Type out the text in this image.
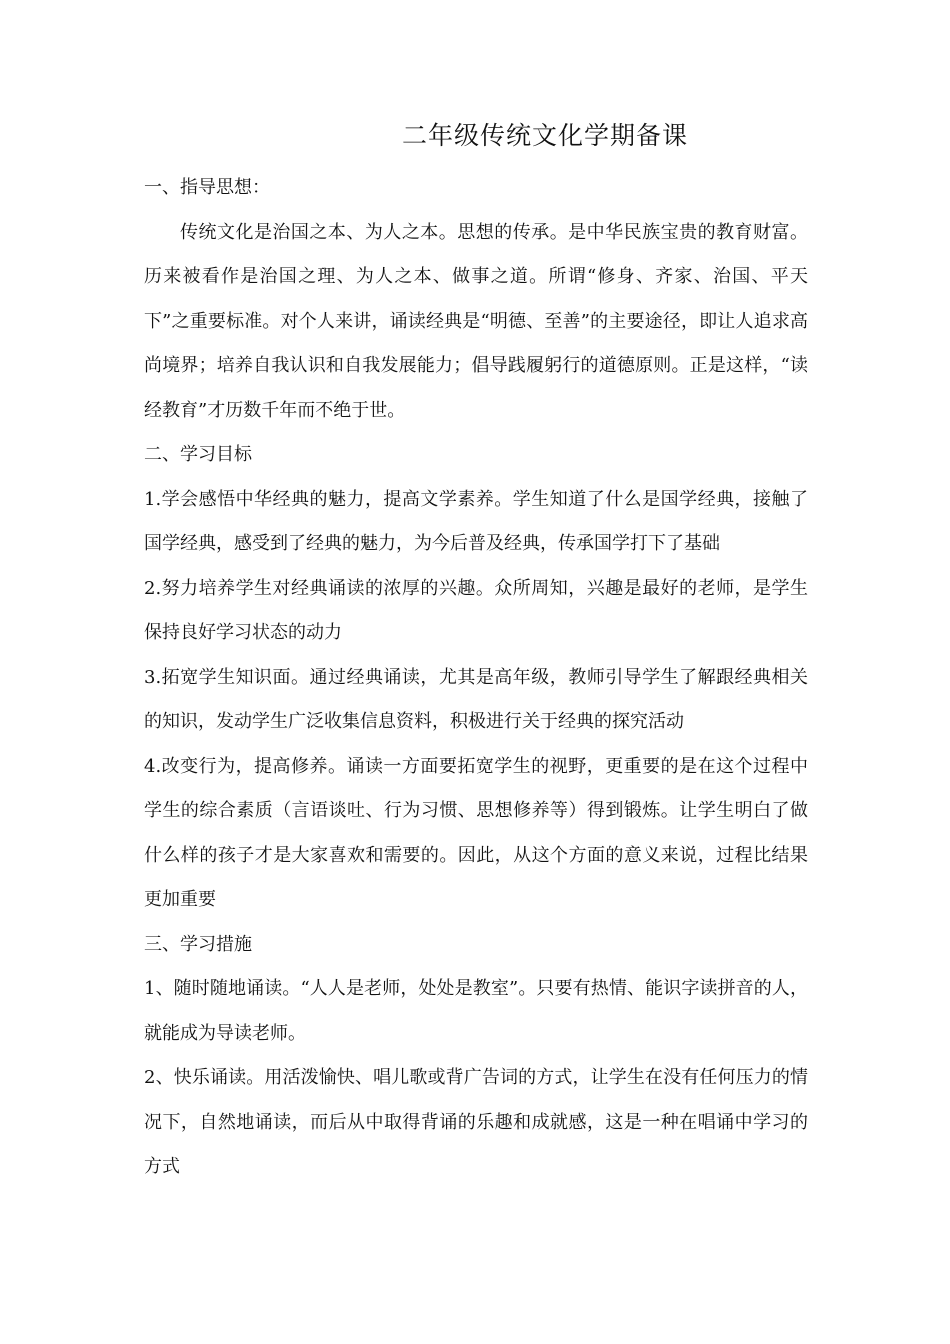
二年级传统文化学期备课

一、指导思想：

传统文化是治国之本、为人之本。思想的传承。是中华民族宝贵的教育财富。历来被看作是治国之理、为人之本、做事之道。所谓“修身、齐家、治国、平天下”之重要标准。对个人来讲，诵读经典是“明德、至善”的主要途径，即让人追求高尚境界；培养自我认识和自我发展能力；倡导践履躬行的道德原则。正是这样，“读经教育”才历数千年而不绝于世。

二、学习目标

1.学会感悟中华经典的魅力，提高文学素养。学生知道了什么是国学经典，接触了国学经典，感受到了经典的魅力，为今后普及经典，传承国学打下了基础

2.努力培养学生对经典诵读的浓厚的兴趣。众所周知，兴趣是最好的老师，是学生保持良好学习状态的动力

3.拓宽学生知识面。通过经典诵读，尤其是高年级，教师引导学生了解跟经典相关的知识，发动学生广泛收集信息资料，积极进行关于经典的探究活动

4.改变行为，提高修养。诵读一方面要拓宽学生的视野，更重要的是在这个过程中学生的综合素质（言语谈吐、行为习惯、思想修养等）得到锻炼。让学生明白了做什么样的孩子才是大家喜欢和需要的。因此，从这个方面的意义来说，过程比结果更加重要

三、学习措施

1、随时随地诵读。“人人是老师，处处是教室”。只要有热情、能识字读拼音的人，就能成为导读老师。

2、快乐诵读。用活泼愉快、唱儿歌或背广告词的方式，让学生在没有任何压力的情况下，自然地诵读，而后从中取得背诵的乐趣和成就感，这是一种在唱诵中学习的方式
